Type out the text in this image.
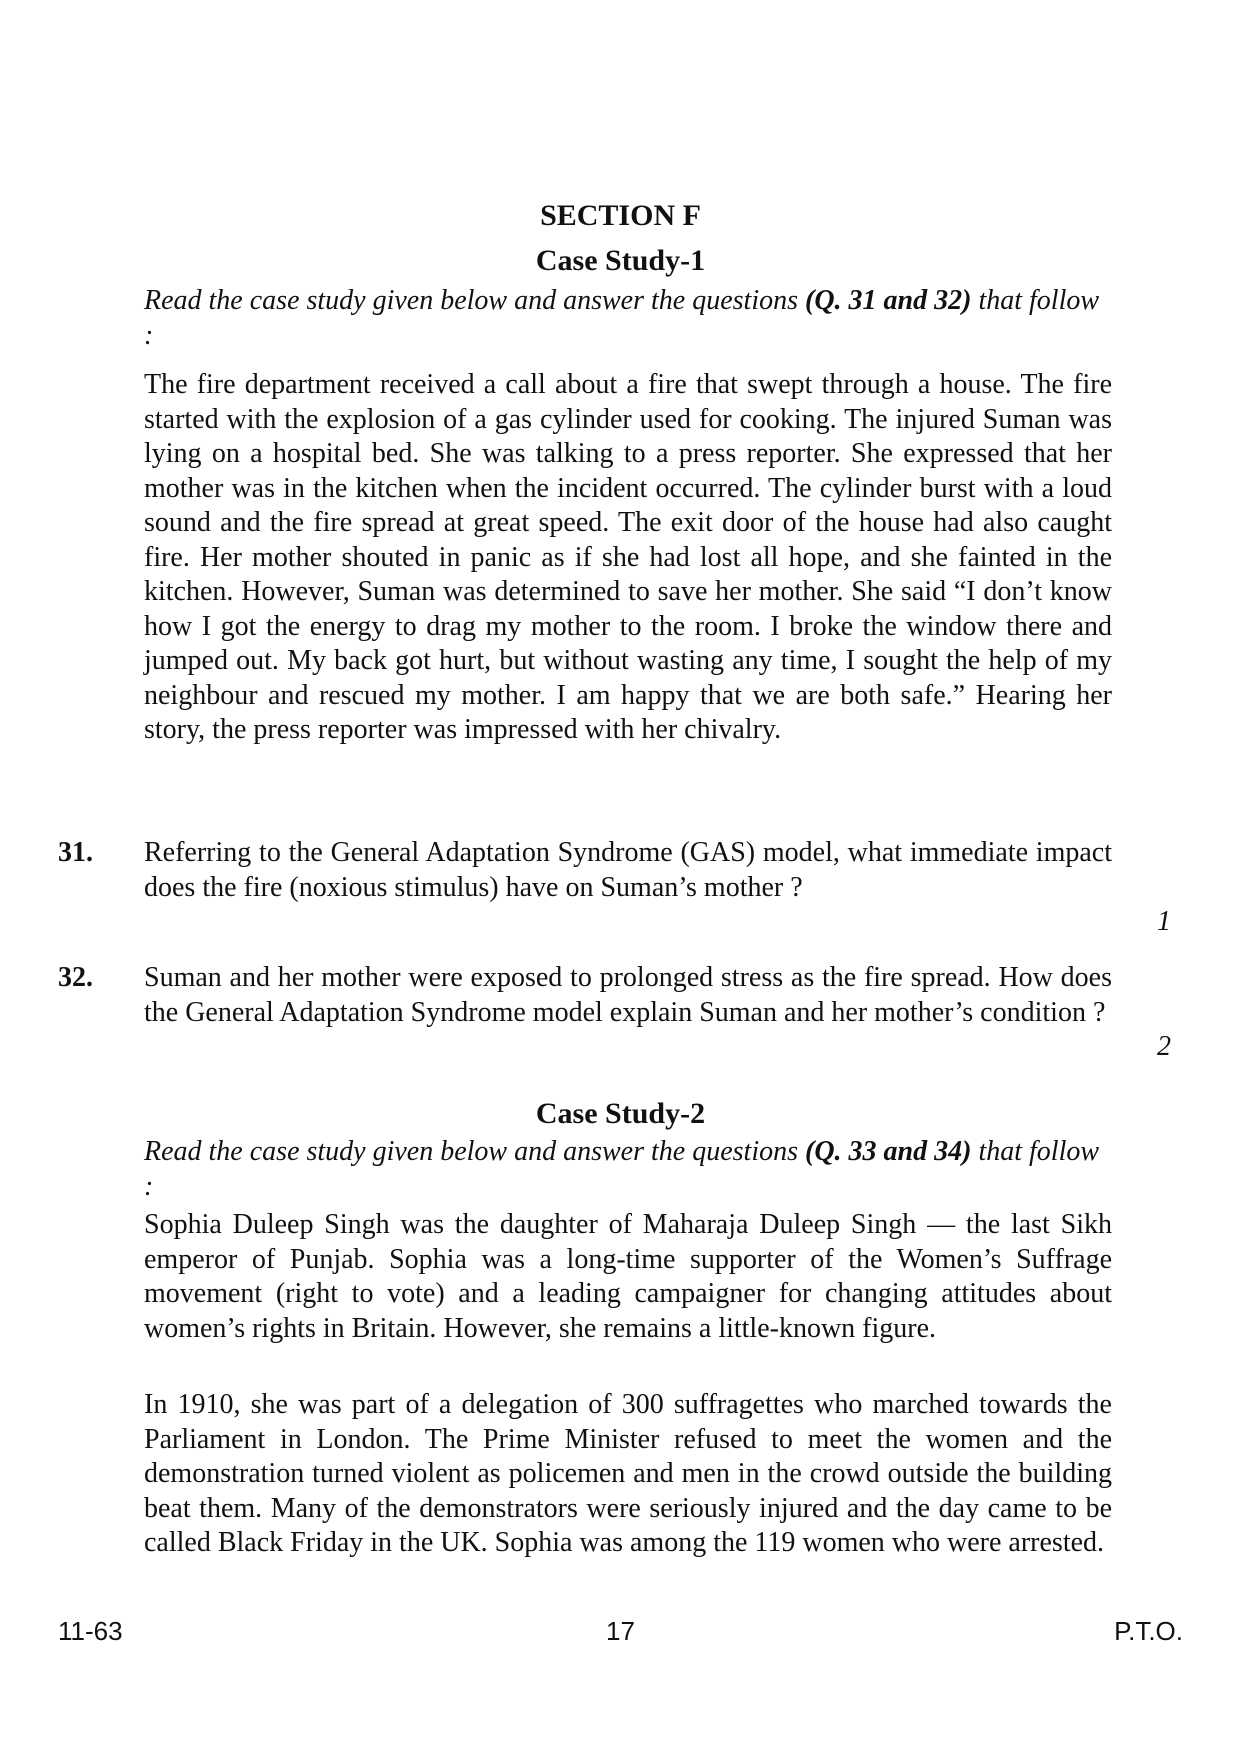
SECTION F
Case Study-1

Read the case study given below and answer the questions (Q. 31 and 32) that follow :

The fire department received a call about a fire that swept through a house. The fire started with the explosion of a gas cylinder used for cooking. The injured Suman was lying on a hospital bed. She was talking to a press reporter. She expressed that her mother was in the kitchen when the incident occurred. The cylinder burst with a loud sound and the fire spread at great speed. The exit door of the house had also caught fire. Her mother shouted in panic as if she had lost all hope, and she fainted in the kitchen. However, Suman was determined to save her mother. She said “I don’t know how I got the energy to drag my mother to the room. I broke the window there and jumped out. My back got hurt, but without wasting any time, I sought the help of my neighbour and rescued my mother. I am happy that we are both safe.” Hearing her story, the press reporter was impressed with her chivalry.

31. Referring to the General Adaptation Syndrome (GAS) model, what immediate impact does the fire (noxious stimulus) have on Suman’s mother ?

1
32. Suman and her mother were exposed to prolonged stress as the fire spread. How does the General Adaptation Syndrome model explain Suman and her mother’s condition ?

2
Case Study-2

Read the case study given below and answer the questions (Q. 33 and 34) that follow :

Sophia Duleep Singh was the daughter of Maharaja Duleep Singh — the last Sikh emperor of Punjab. Sophia was a long-time supporter of the Women’s Suffrage movement (right to vote) and a leading campaigner for changing attitudes about women’s rights in Britain. However, she remains a little-known figure.

In 1910, she was part of a delegation of 300 suffragettes who marched towards the Parliament in London. The Prime Minister refused to meet the women and the demonstration turned violent as policemen and men in the crowd outside the building beat them. Many of the demonstrators were seriously injured and the day came to be called Black Friday in the UK. Sophia was among the 119 women who were arrested.

11-63	17	P.T.O.
